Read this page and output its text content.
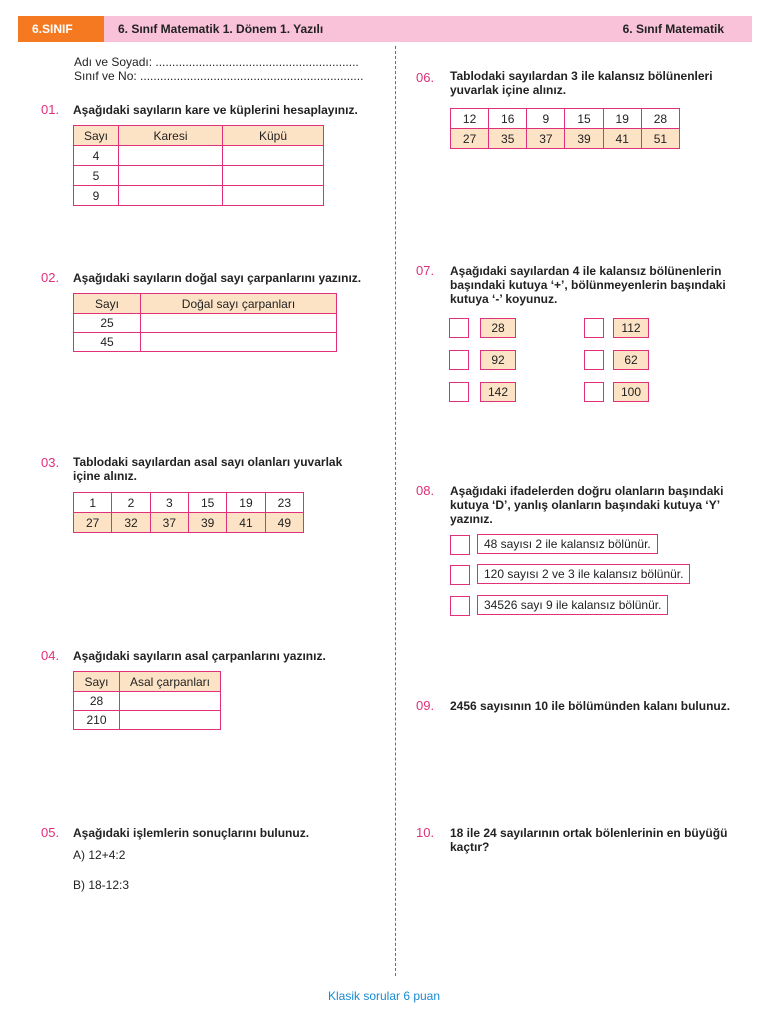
6.SINIF	6. Sınıf Matematik 1. Dönem 1. Yazılı	6. Sınıf Matematik
Adı ve Soyadı: .............................................................
Sınıf ve No: ...................................................................
01. Aşağıdaki sayıların kare ve küplerini hesaplayınız.
Sayı	Karesi	Küpü
4		
5		
9		
02. Aşağıdaki sayıların doğal sayı çarpanlarını yazınız.
Sayı	Doğal sayı çarpanları
25	
45	
03. Tablodaki sayılardan asal sayı olanları yuvarlak
içine alınız.
1	2	3	15	19	23
27	32	37	39	41	49
04. Aşağıdaki sayıların asal çarpanlarını yazınız.
Sayı	Asal çarpanları
28	
210	
05. Aşağıdaki işlemlerin sonuçlarını bulunuz.
A) 12+4:2
B) 18-12:3
06. Tablodaki sayılardan 3 ile kalansız bölünenleri
yuvarlak içine alınız.
12	16	9	15	19	28
27	35	37	39	41	51
07. Aşağıdaki sayılardan 4 ile kalansız bölünenlerin
başındaki kutuya ‘+’, bölünmeyenlerin başındaki
kutuya ‘-’ koyunuz.
28
92
142
112
62
100
08. Aşağıdaki ifadelerden doğru olanların başındaki
kutuya ‘D’, yanlış olanların başındaki kutuya ‘Y’
yazınız.
48 sayısı 2 ile kalansız bölünür.
120 sayısı 2 ve 3 ile kalansız bölünür.
34526 sayı 9 ile kalansız bölünür.
09. 2456 sayısının 10 ile bölümünden kalanı bulunuz.
10. 18 ile 24 sayılarının ortak bölenlerinin en büyüğü
kaçtır?
Klasik sorular 6 puan
